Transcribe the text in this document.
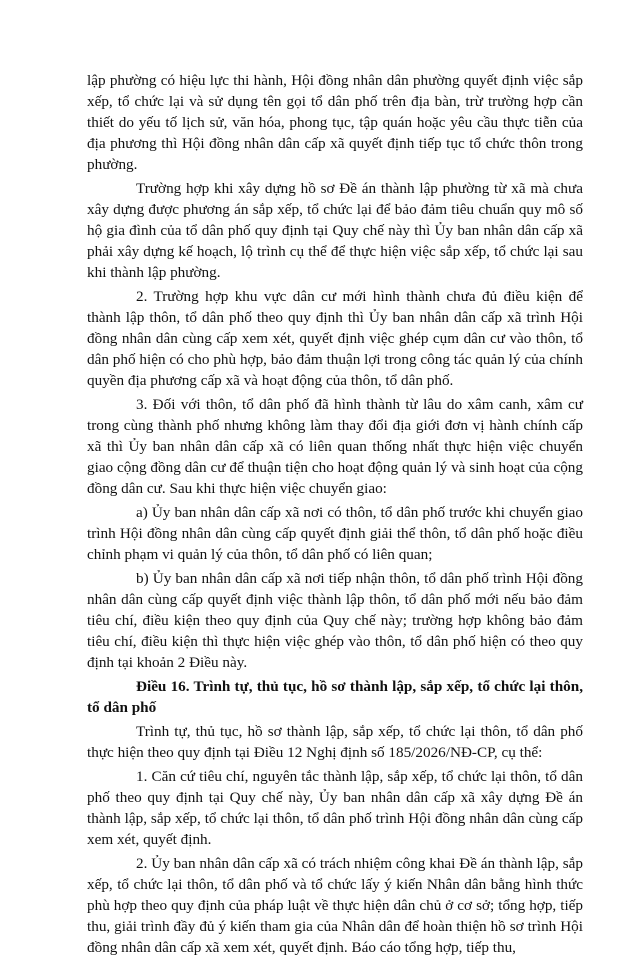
lập phường có hiệu lực thi hành, Hội đồng nhân dân phường quyết định việc sắp xếp, tổ chức lại và sử dụng tên gọi tổ dân phố trên địa bàn, trừ trường hợp cần thiết do yếu tố lịch sử, văn hóa, phong tục, tập quán hoặc yêu cầu thực tiễn của địa phương thì Hội đồng nhân dân cấp xã quyết định tiếp tục tổ chức thôn trong phường.

Trường hợp khi xây dựng hồ sơ Đề án thành lập phường từ xã mà chưa xây dựng được phương án sắp xếp, tổ chức lại để bảo đảm tiêu chuẩn quy mô số hộ gia đình của tổ dân phố quy định tại Quy chế này thì Ủy ban nhân dân cấp xã phải xây dựng kế hoạch, lộ trình cụ thể để thực hiện việc sắp xếp, tổ chức lại sau khi thành lập phường.

2. Trường hợp khu vực dân cư mới hình thành chưa đủ điều kiện để thành lập thôn, tổ dân phố theo quy định thì Ủy ban nhân dân cấp xã trình Hội đồng nhân dân cùng cấp xem xét, quyết định việc ghép cụm dân cư vào thôn, tổ dân phố hiện có cho phù hợp, bảo đảm thuận lợi trong công tác quản lý của chính quyền địa phương cấp xã và hoạt động của thôn, tổ dân phố.

3. Đối với thôn, tổ dân phố đã hình thành từ lâu do xâm canh, xâm cư trong cùng thành phố nhưng không làm thay đổi địa giới đơn vị hành chính cấp xã thì Ủy ban nhân dân cấp xã có liên quan thống nhất thực hiện việc chuyển giao cộng đồng dân cư để thuận tiện cho hoạt động quản lý và sinh hoạt của cộng đồng dân cư. Sau khi thực hiện việc chuyển giao:

a) Ủy ban nhân dân cấp xã nơi có thôn, tổ dân phố trước khi chuyển giao trình Hội đồng nhân dân cùng cấp quyết định giải thể thôn, tổ dân phố hoặc điều chỉnh phạm vi quản lý của thôn, tổ dân phố có liên quan;

b) Ủy ban nhân dân cấp xã nơi tiếp nhận thôn, tổ dân phố trình Hội đồng nhân dân cùng cấp quyết định việc thành lập thôn, tổ dân phố mới nếu bảo đảm tiêu chí, điều kiện theo quy định của Quy chế này; trường hợp không bảo đảm tiêu chí, điều kiện thì thực hiện việc ghép vào thôn, tổ dân phố hiện có theo quy định tại khoản 2 Điều này.

Điều 16. Trình tự, thủ tục, hồ sơ thành lập, sắp xếp, tổ chức lại thôn, tổ dân phố

Trình tự, thủ tục, hồ sơ thành lập, sắp xếp, tổ chức lại thôn, tổ dân phố thực hiện theo quy định tại Điều 12 Nghị định số 185/2026/NĐ-CP, cụ thể:

1. Căn cứ tiêu chí, nguyên tắc thành lập, sắp xếp, tổ chức lại thôn, tổ dân phố theo quy định tại Quy chế này, Ủy ban nhân dân cấp xã xây dựng Đề án thành lập, sắp xếp, tổ chức lại thôn, tổ dân phố trình Hội đồng nhân dân cùng cấp xem xét, quyết định.

2. Ủy ban nhân dân cấp xã có trách nhiệm công khai Đề án thành lập, sắp xếp, tổ chức lại thôn, tổ dân phố và tổ chức lấy ý kiến Nhân dân bằng hình thức phù hợp theo quy định của pháp luật về thực hiện dân chủ ở cơ sở; tổng hợp, tiếp thu, giải trình đầy đủ ý kiến tham gia của Nhân dân để hoàn thiện hồ sơ trình Hội đồng nhân dân cấp xã xem xét, quyết định. Báo cáo tổng hợp, tiếp thu,
